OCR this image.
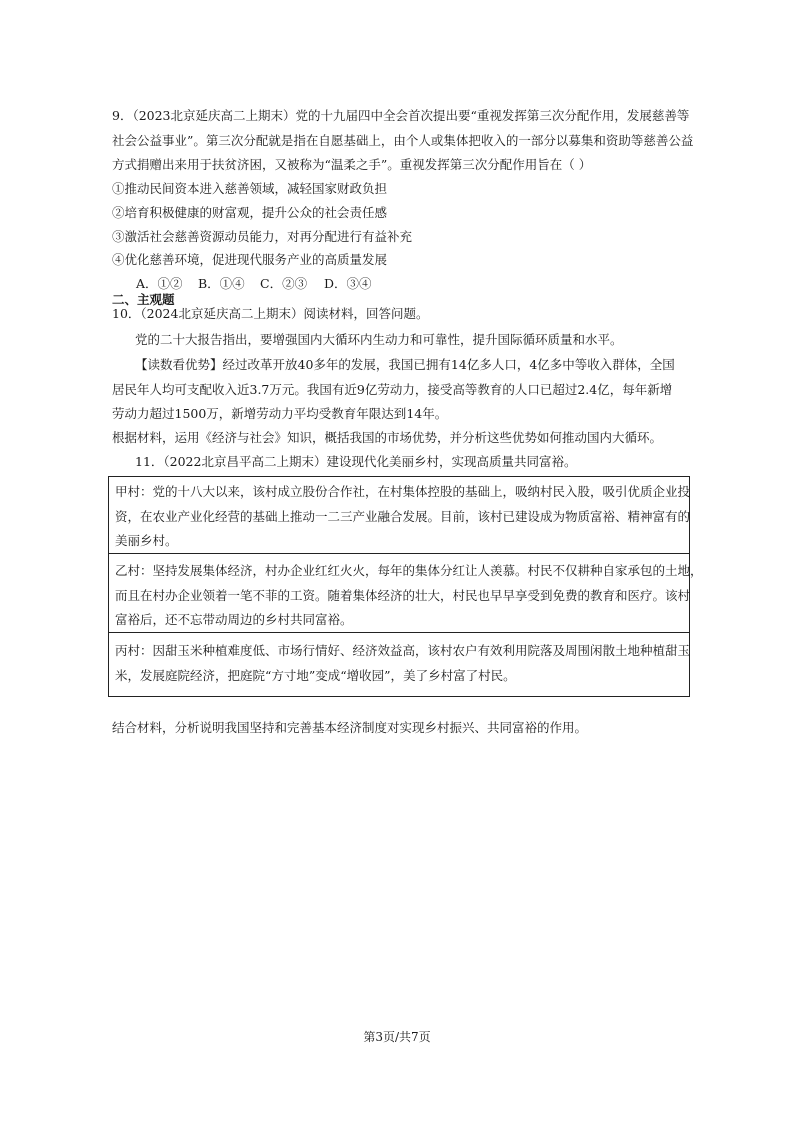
9．（2023北京延庆高二上期末）党的十九届四中全会首次提出要“重视发挥第三次分配作用，发展慈善等
社会公益事业”。第三次分配就是指在自愿基础上，由个人或集体把收入的一部分以募集和资助等慈善公益
方式捐赠出来用于扶贫济困，又被称为“温柔之手”。重视发挥第三次分配作用旨在（ ）
①推动民间资本进入慈善领域，减轻国家财政负担
②培育积极健康的财富观，提升公众的社会责任感
③激活社会慈善资源动员能力，对再分配进行有益补充
④优化慈善环境，促进现代服务产业的高质量发展
A．①② B．①④ C．②③ D．③④
二、主观题
10．（2024北京延庆高二上期末）阅读材料，回答问题。
党的二十大报告指出，要增强国内大循环内生动力和可靠性，提升国际循环质量和水平。
【读数看优势】经过改革开放40多年的发展，我国已拥有14亿多人口，4亿多中等收入群体，全国
居民年人均可支配收入近3.7万元。我国有近9亿劳动力，接受高等教育的人口已超过2.4亿，每年新增
劳动力超过1500万，新增劳动力平均受教育年限达到14年。
根据材料，运用《经济与社会》知识，概括我国的市场优势，并分析这些优势如何推动国内大循环。
11．（2022北京昌平高二上期末）建设现代化美丽乡村，实现高质量共同富裕。
甲村：党的十八大以来，该村成立股份合作社，在村集体控股的基础上，吸纳村民入股，吸引优质企业投
资，在农业产业化经营的基础上推动一二三产业融合发展。目前，该村已建设成为物质富裕、精神富有的
美丽乡村。
乙村：坚持发展集体经济，村办企业红红火火，每年的集体分红让人羡慕。村民不仅耕种自家承包的土地，
而且在村办企业领着一笔不菲的工资。随着集体经济的壮大，村民也早早享受到免费的教育和医疗。该村
富裕后，还不忘带动周边的乡村共同富裕。
丙村：因甜玉米种植难度低、市场行情好、经济效益高，该村农户有效利用院落及周围闲散土地种植甜玉
米，发展庭院经济，把庭院“方寸地”变成“增收园”，美了乡村富了村民。
结合材料，分析说明我国坚持和完善基本经济制度对实现乡村振兴、共同富裕的作用。
第3页/共7页
